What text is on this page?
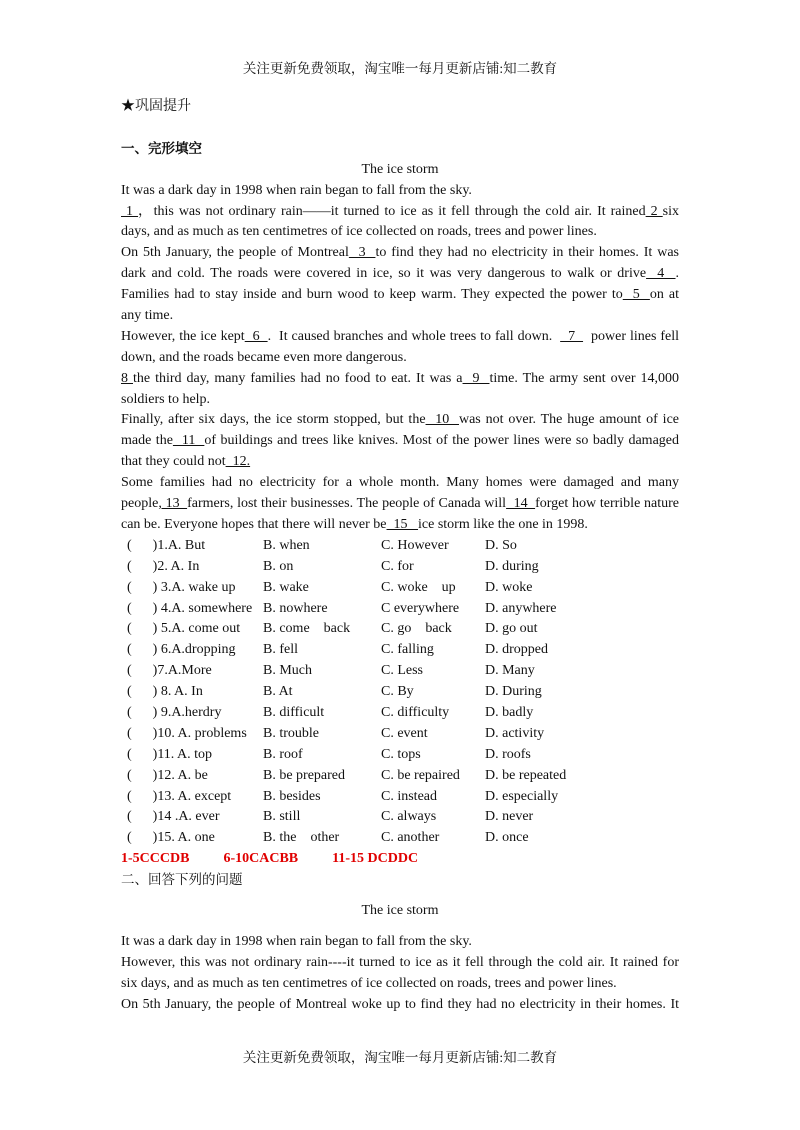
关注更新免费领取，淘宝唯一每月更新店铺:知二教育
★巩固提升
一、完形填空
The ice storm
It was a dark day in 1998 when rain began to fall from the sky.
1 ，this was not ordinary rain——it turned to ice as it fell through the cold air. It rained 2 six
days, and as much as ten centimetres of ice collected on roads, trees and power lines.
On 5th January, the people of Montreal  3  to find they had no electricity in their homes. It was
dark and cold. The roads were covered in ice, so it was very dangerous to walk or drive  4  .
Families had to stay inside and burn wood to keep warm. They expected the power to  5  on at
any time.
However, the ice kept  6  .  It caused branches and whole trees to fall down.    7    power lines fell
down, and the roads became even more dangerous.
8 the third day, many families had no food to eat. It was a  9  time. The army sent over 14,000
soldiers to help.
Finally, after six days, the ice storm stopped, but the  10  was not over. The huge amount of ice
made the  11  of buildings and trees like knives. Most of the power lines were so badly damaged
that they could not  12.
Some families had no electricity for a whole month. Many homes were damaged and many
people, 13  farmers, lost their businesses. The people of Canada will  14  forget how terrible nature
can be. Everyone hopes that there will never be  15   ice storm like the one in 1998.
(      )1.A. But	B. when	C. However	D. So
(      )2. A. In	B. on	C. for	D. during
(      ) 3.A. wake up B. wake	C. woke    up D. woke
(      ) 4.A. somewhere B. nowhere	C everywhere D. anywhere
(      ) 5.A. come out B. come    back C. go    back D. go out
(      ) 6.A.dropping B. fell	C. falling	D. dropped
(      )7.A.More	B. Much	C. Less	D. Many
(      ) 8. A. In	B. At	C. By	D. During
(      ) 9.A.herdry	B. difficult	C. difficulty	D. badly
(      )10. A. problems B. trouble	C. event	D. activity
(      )11. A. top	B. roof	C. tops	D. roofs
(      )12. A. be	B. be prepared	C. be repaired D. be repeated
(      )13. A. except B. besides	C. instead	D. especially
(      )14 .A. ever	B. still	C. always	D. never
(      )15. A. one	B. the    other	C. another	D. once
1-5CCCDB 6-10CACBB 11-15 DCDDC
二、回答下列的问题
The ice storm
It was a dark day in 1998 when rain began to fall from the sky.
However, this was not ordinary rain----it turned to ice as it fell through the cold air. It rained for
six days, and as much as ten centimetres of ice collected on roads, trees and power lines.
On 5th January, the people of Montreal woke up to find they had no electricity in their homes. It
关注更新免费领取，淘宝唯一每月更新店铺:知二教育
